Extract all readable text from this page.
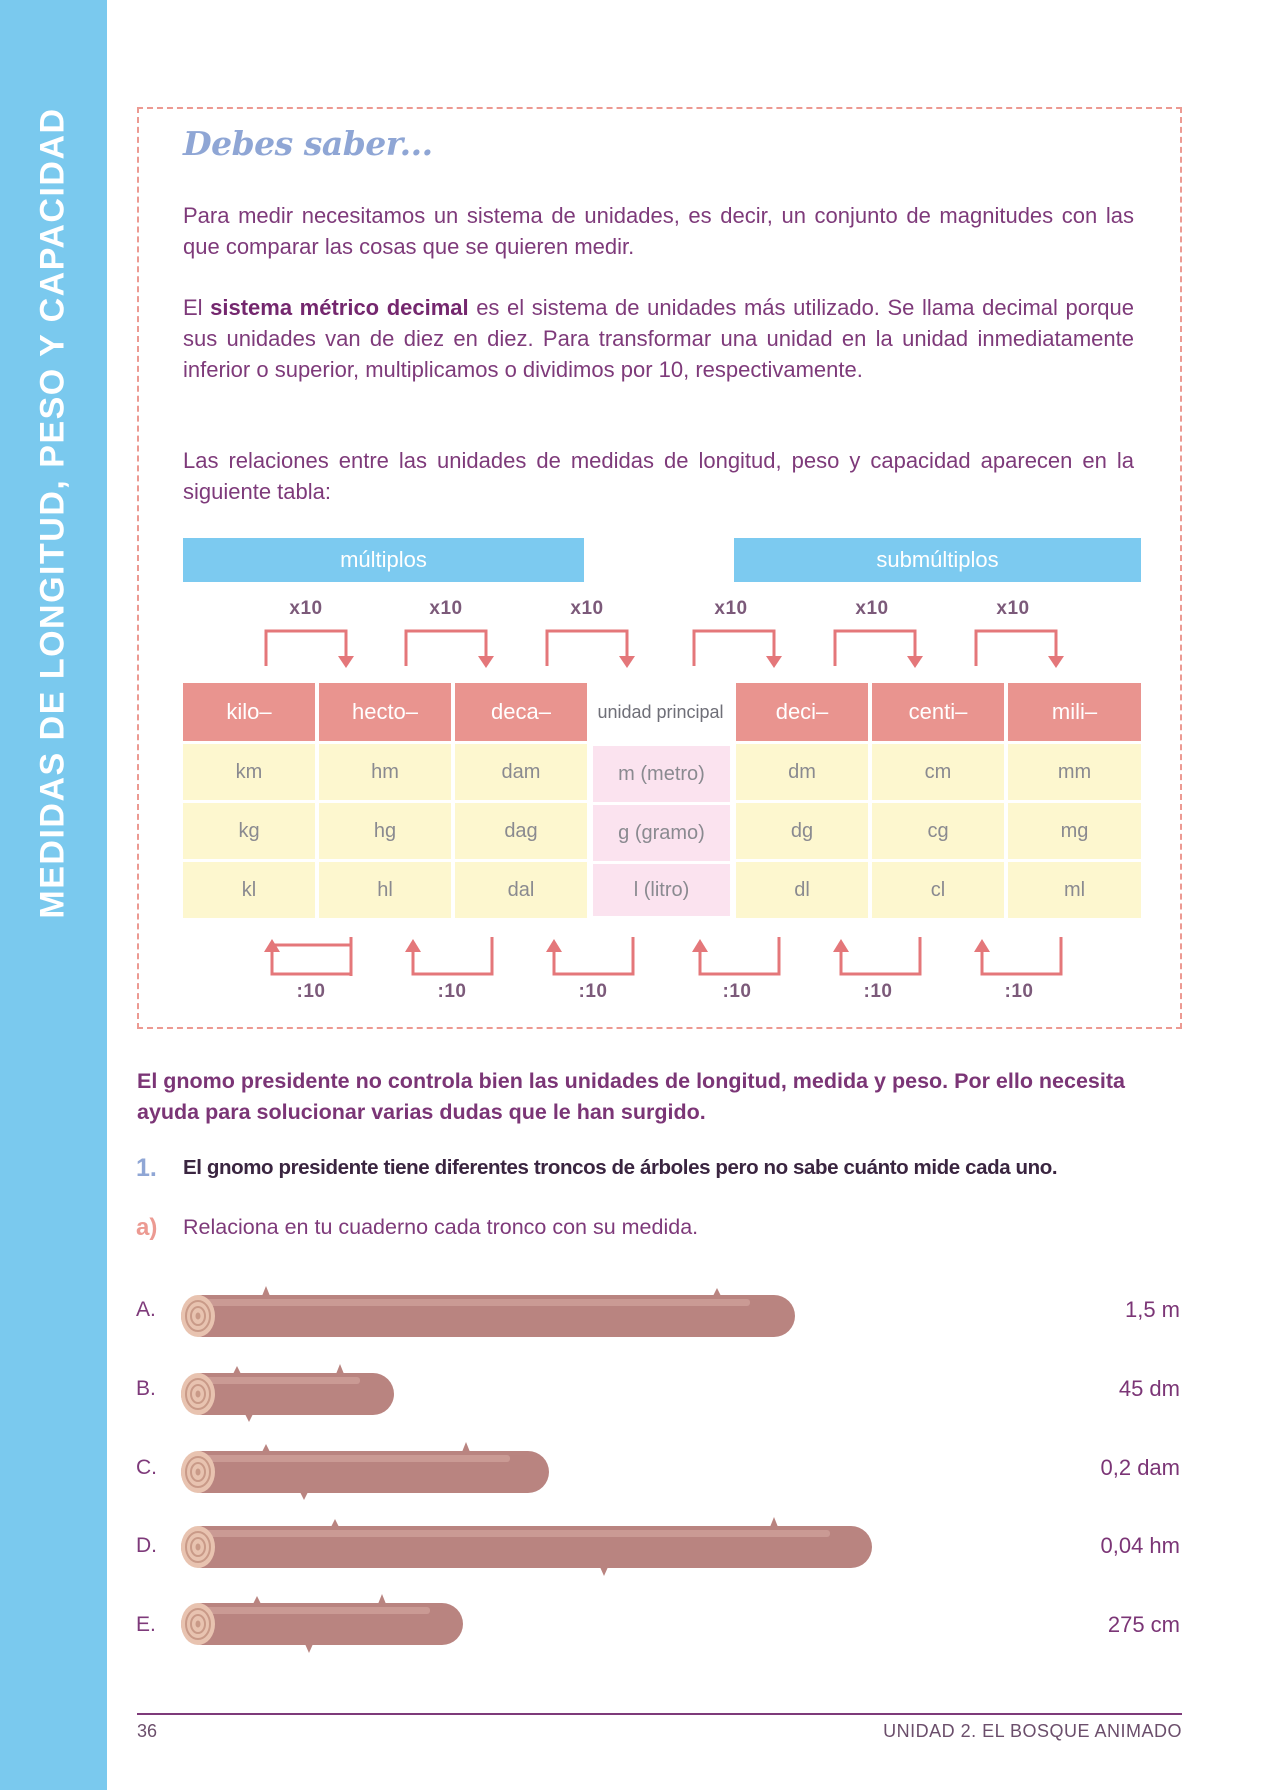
MEDIDAS DE LONGITUD, PESO Y CAPACIDAD	Debes saber...
Para medir necesitamos un sistema de unidades, es decir, un conjunto de magnitudes con las que comparar las cosas que se quieren medir.
El sistema métrico decimal es el sistema de unidades más utilizado. Se llama decimal porque sus unidades van de diez en diez. Para transformar una unidad en la unidad inmediatamente inferior o superior, multiplicamos o dividimos por 10, respectivamente.
Las relaciones entre las unidades de medidas de longitud, peso y capacidad aparecen en la siguiente tabla:
múltiplos	submúltiplos
x10	x10	x10	x10	x10	x10
kilo–	hecto–	deca–	unidad principal	deci–	centi–	mili–
km	hm	dam	m (metro)	dm	cm	mm
kg	hg	dag	g (gramo)	dg	cg	mg
kl	hl	dal	l (litro)	dl	cl	ml
:10	:10	:10	:10	:10	:10
El gnomo presidente no controla bien las unidades de longitud, medida y peso. Por ello necesita ayuda para solucionar varias dudas que le han surgido.
1. El gnomo presidente tiene diferentes troncos de árboles pero no sabe cuánto mide cada uno.
a) Relaciona en tu cuaderno cada tronco con su medida.
A.
B.
C.
D.
E.
1,5 m
45 dm
0,2 dam
0,04 hm
275 cm
36	UNIDAD 2. EL BOSQUE ANIMADO
